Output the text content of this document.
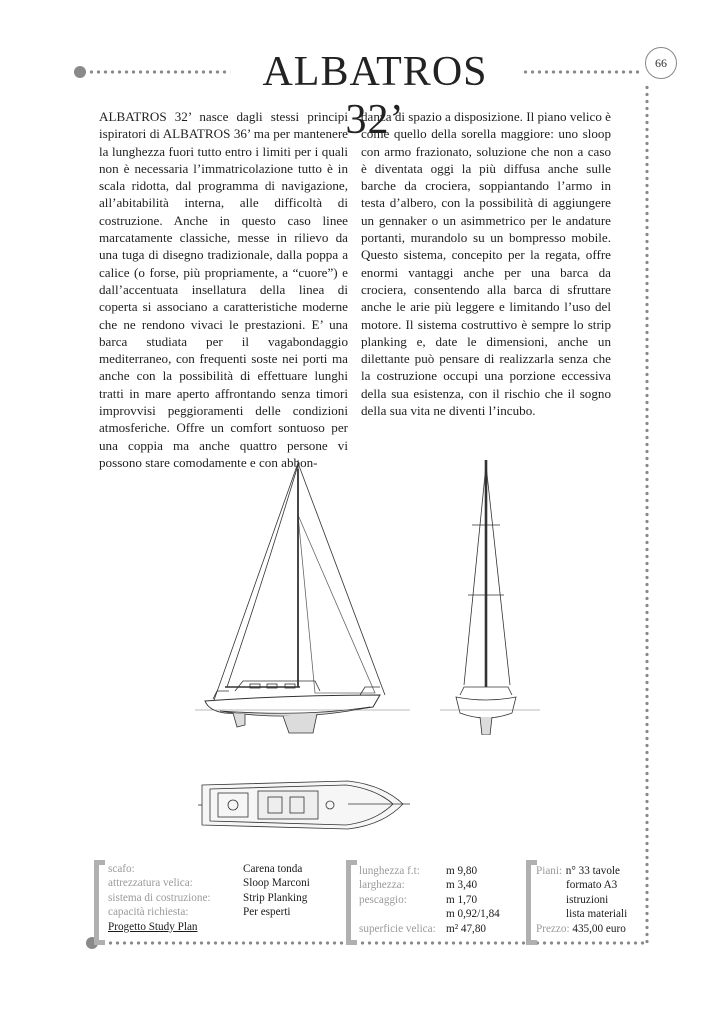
ALBATROS 32’
66
ALBATROS 32’ nasce dagli stessi principi ispiratori di ALBATROS 36’ ma per mantenere la lunghezza fuori tutto entro i limiti per i quali non è necessaria l’immatricolazione tutto è in scala ridotta, dal programma di navigazione, all’abitabilità interna, alle difficoltà di costruzione. Anche in questo caso linee marcatamente classiche, messe in rilievo da una tuga di disegno tradizionale, dalla poppa a calice (o forse, più propriamente, a “cuore”) e dall’accentuata insellatura della linea di coperta si associano a caratteristiche moderne che ne rendono vivaci le prestazioni. E’ una barca studiata per il vagabondaggio mediterraneo, con frequenti soste nei porti ma anche con la possibilità di effettuare lunghi tratti in mare aperto affrontando senza timori improvvisi peggioramenti delle condizioni atmosferiche. Offre un comfort sontuoso per una coppia ma anche quattro persone vi possono stare comodamente e con abbon-
danza di spazio a disposizione. Il piano velico è come quello della sorella maggiore: uno sloop con armo frazionato, soluzione che non a caso è diventata oggi la più diffusa anche sulle barche da crociera, soppiantando l’armo in testa d’albero, con la possibilità di aggiungere un gennaker o un asimmetrico per le andature portanti, murandolo su un bompresso mobile. Questo sistema, concepito per la regata, offre enormi vantaggi anche per una barca da crociera, consentendo alla barca di sfruttare anche le arie più leggere e limitando l’uso del motore. Il sistema costruttivo è sempre lo strip planking e, date le dimensioni, anche un dilettante può pensare di realizzarla senza che la costruzione occupi una porzione eccessiva della sua esistenza, con il rischio che il sogno della sua vita ne diventi l’incubo.
scafo:	Carena tonda
attrezzatura velica:	Sloop Marconi
sistema di costruzione:	Strip Planking
capacità richiesta:	Per esperti
Progetto Study Plan
lunghezza f.t: m 9,80
larghezza:	m 3,40
pescaggio:	m 1,70
m 0,92/1,84
superficie velica: m² 47,80
Piani: n° 33 tavole
formato A3
istruzioni
lista materiali
Prezzo: 435,00 euro
